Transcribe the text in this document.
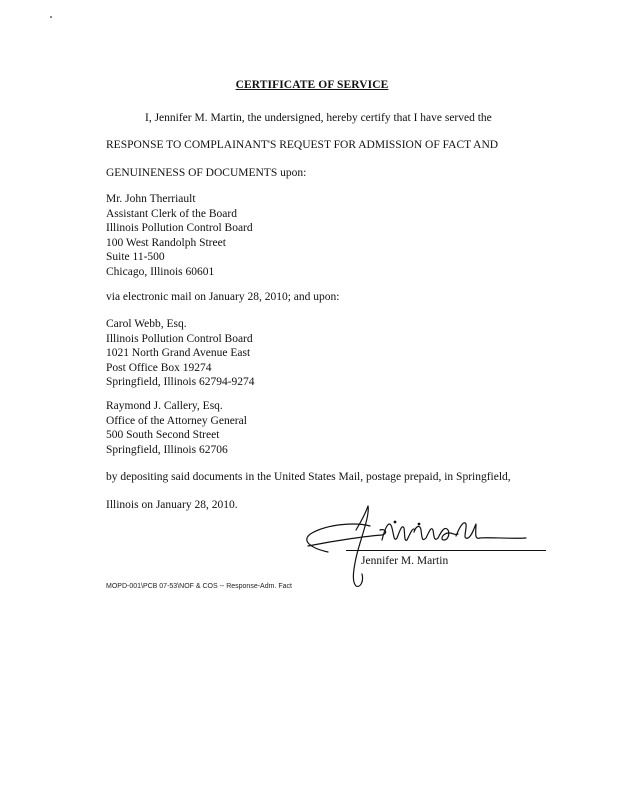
CERTIFICATE OF SERVICE
I, Jennifer M. Martin, the undersigned, hereby certify that I have served the
RESPONSE TO COMPLAINANT'S REQUEST FOR ADMISSION OF FACT AND
GENUINENESS OF DOCUMENTS upon:
Mr. John Therriault
Assistant Clerk of the Board
Illinois Pollution Control Board
100 West Randolph Street
Suite 11-500
Chicago, Illinois 60601
via electronic mail on January 28, 2010; and upon:
Carol Webb, Esq.
Illinois Pollution Control Board
1021 North Grand Avenue East
Post Office Box 19274
Springfield, Illinois 62794-9274
Raymond J. Callery, Esq.
Office of the Attorney General
500 South Second Street
Springfield, Illinois 62706
by depositing said documents in the United States Mail, postage prepaid, in Springfield,
Illinois on January 28, 2010.
Jennifer M. Martin
MOPD-001\PCB 07-53\NOF & COS -- Response-Adm. Fact
